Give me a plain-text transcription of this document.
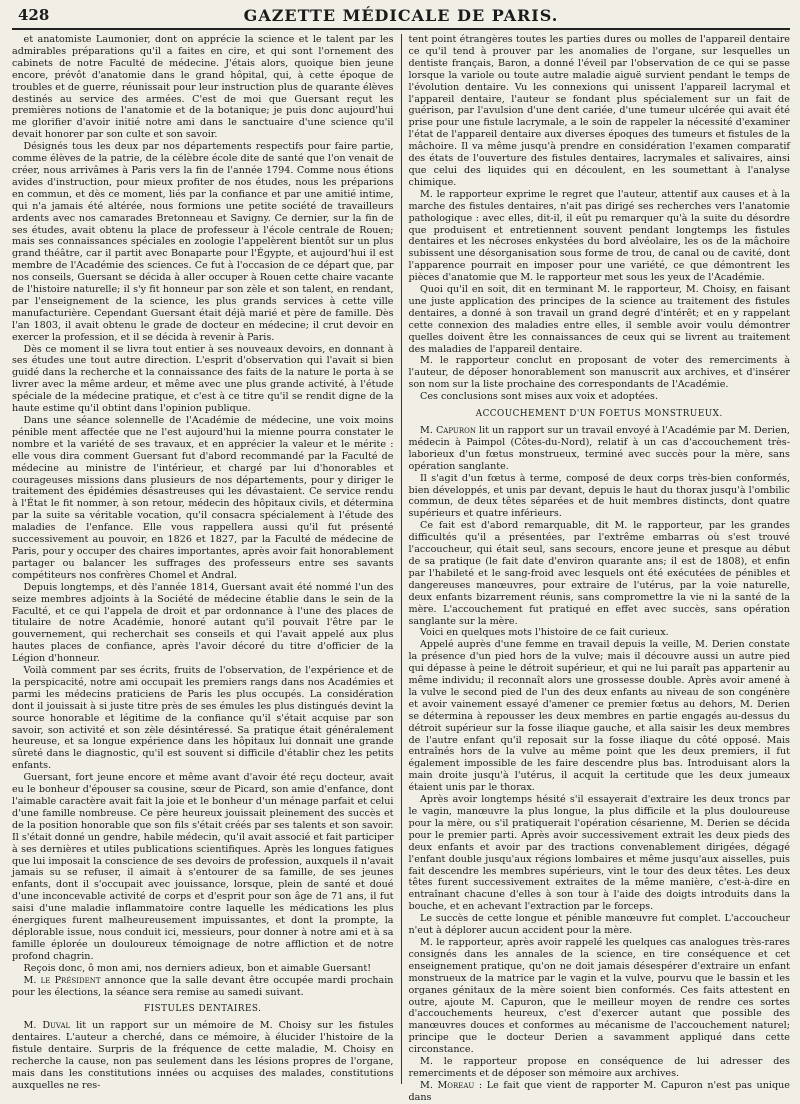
428	GAZETTE MÉDICALE DE PARIS.

et anatomiste Laumonier, dont on apprécie la science et le talent par les admirables préparations qu'il a faites en cire, et qui sont l'ornement des cabinets de notre Faculté de médecine. J'étais alors, quoique bien jeune encore, prévôt d'anatomie dans le grand hôpital, qui, à cette époque de troubles et de guerre, réunissait pour leur instruction plus de quarante élèves destinés au service des armées. C'est de moi que Guersant reçut les premières notions de l'anatomie et de la botanique; je puis donc aujourd'hui me glorifier d'avoir initié notre ami dans le sanctuaire d'une science qu'il devait honorer par son culte et son savoir.

Désignés tous les deux par nos départements respectifs pour faire partie, comme élèves de la patrie, de la célèbre école dite de santé que l'on venait de créer, nous arrivâmes à Paris vers la fin de l'année 1794. Comme nous étions avides d'instruction, pour mieux profiter de nos études, nous les préparions en commun, et dès ce moment, liés par la confiance et par une amitié intime, qui n'a jamais été altérée, nous formions une petite société de travailleurs ardents avec nos camarades Bretonneau et Savigny. Ce dernier, sur la fin de ses études, avait obtenu la place de professeur à l'école centrale de Rouen; mais ses connaissances spéciales en zoologie l'appelèrent bientôt sur un plus grand théâtre, car il partit avec Bonaparte pour l'Égypte, et aujourd'hui il est membre de l'Académie des sciences. Ce fut à l'occasion de ce départ que, par nos conseils, Guersant se décida à aller occuper à Rouen cette chaire vacante de l'histoire naturelle; il s'y fit honneur par son zèle et son talent, en rendant, par l'enseignement de la science, les plus grands services à cette ville manufacturière. Cependant Guersant était déjà marié et père de famille. Dès l'an 1803, il avait obtenu le grade de docteur en médecine; il crut devoir en exercer la profession, et il se décida à revenir à Paris.

Dès ce moment il se livra tout entier à ses nouveaux devoirs, en donnant à ses études une tout autre direction. L'esprit d'observation qui l'avait si bien guidé dans la recherche et la connaissance des faits de la nature le porta à se livrer avec la même ardeur, et même avec une plus grande activité, à l'étude spéciale de la médecine pratique, et c'est à ce titre qu'il se rendit digne de la haute estime qu'il obtint dans l'opinion publique.

Dans une séance solennelle de l'Académie de médecine, une voix moins pénible ment affectée que ne l'est aujourd'hui la mienne pourra constater le nombre et la variété de ses travaux, et en apprécier la valeur et le mérite : elle vous dira comment Guersant fut d'abord recommandé par la Faculté de médecine au ministre de l'intérieur, et chargé par lui d'honorables et courageuses missions dans plusieurs de nos départements, pour y diriger le traitement des épidémies désastreuses qui les dévastaient. Ce service rendu à l'État le fit nommer, à son retour, médecin des hôpitaux civils, et détermina par la suite sa véritable vocation, qu'il consacra spécialement à l'étude des maladies de l'enfance. Elle vous rappellera aussi qu'il fut présenté successivement au pouvoir, en 1826 et 1827, par la Faculté de médecine de Paris, pour y occuper des chaires importantes, après avoir fait honorablement partager ou balancer les suffrages des professeurs entre ses savants compétiteurs nos confrères Chomel et Andral.

Depuis longtemps, et dès l'année 1814, Guersant avait été nommé l'un des seize membres adjoints à la Société de médecine établie dans le sein de la Faculté, et ce qui l'appela de droit et par ordonnance à l'une des places de titulaire de notre Académie, honoré autant qu'il pouvait l'être par le gouvernement, qui recherchait ses conseils et qui l'avait appelé aux plus hautes places de confiance, après l'avoir décoré du titre d'officier de la Légion d'honneur.

Voilà comment par ses écrits, fruits de l'observation, de l'expérience et de la perspicacité, notre ami occupait les premiers rangs dans nos Académies et parmi les médecins praticiens de Paris les plus occupés. La considération dont il jouissait à si juste titre près de ses émules les plus distingués devint la source honorable et légitime de la confiance qu'il s'était acquise par son savoir, son activité et son zèle désintéressé. Sa pratique était généralement heureuse, et sa longue expérience dans les hôpitaux lui donnait une grande sûreté dans le diagnostic, qu'il est souvent si difficile d'établir chez les petits enfants.

Guersant, fort jeune encore et même avant d'avoir été reçu docteur, avait eu le bonheur d'épouser sa cousine, sœur de Picard, son amie d'enfance, dont l'aimable caractère avait fait la joie et le bonheur d'un ménage parfait et celui d'une famille nombreuse. Ce père heureux jouissait pleinement des succès et de la position honorable que son fils s'était créés par ses talents et son savoir. Il s'était donné un gendre, habile médecin, qu'il avait associé et fait participer à ses dernières et utiles publications scientifiques. Après les longues fatigues que lui imposait la conscience de ses devoirs de profession, auxquels il n'avait jamais su se refuser, il aimait à s'entourer de sa famille, de ses jeunes enfants, dont il s'occupait avec jouissance, lorsque, plein de santé et doué d'une inconcevable activité de corps et d'esprit pour son âge de 71 ans, il fut saisi d'une maladie inflammatoire contre laquelle les médications les plus énergiques furent malheureusement impuissantes, et dont la prompte, la déplorable issue, nous conduit ici, messieurs, pour donner à notre ami et à sa famille éplorée un douloureux témoignage de notre affliction et de notre profond chagrin.

Reçois donc, ô mon ami, nos derniers adieux, bon et aimable Guersant!

M. le Président annonce que la salle devant être occupée mardi prochain pour les élections, la séance sera remise au samedi suivant.

FISTULES DENTAIRES.

M. Duval lit un rapport sur un mémoire de M. Choisy sur les fistules dentaires. L'auteur a cherché, dans ce mémoire, à élucider l'histoire de la fistule dentaire. Surpris de la fréquence de cette maladie, M. Choisy en recherche la cause, non pas seulement dans les lésions propres de l'organe, mais dans les constitutions innées ou acquises des malades, constitutions auxquelles ne res-

tent point étrangères toutes les parties dures ou molles de l'appareil dentaire ce qu'il tend à prouver par les anomalies de l'organe, sur lesquelles un dentiste français, Baron, a donné l'éveil par l'observation de ce qui se passe lorsque la variole ou toute autre maladie aiguë survient pendant le temps de l'évolution dentaire. Vu les connexions qui unissent l'appareil lacrymal et l'appareil dentaire, l'auteur se fondant plus spécialement sur un fait de guérison, par l'avulsion d'une dent cariée, d'une tumeur ulcérée qui avait été prise pour une fistule lacrymale, a le soin de rappeler la nécessité d'examiner l'état de l'appareil dentaire aux diverses époques des tumeurs et fistules de la mâchoire. Il va même jusqu'à prendre en considération l'examen comparatif des états de l'ouverture des fistules dentaires, lacrymales et salivaires, ainsi que celui des liquides qui en découlent, en les soumettant à l'analyse chimique.

M. le rapporteur exprime le regret que l'auteur, attentif aux causes et à la marche des fistules dentaires, n'ait pas dirigé ses recherches vers l'anatomie pathologique : avec elles, dit-il, il eût pu remarquer qu'à la suite du désordre que produisent et entretiennent souvent pendant longtemps les fistules dentaires et les nécroses enkystées du bord alvéolaire, les os de la mâchoire subissent une désorganisation sous forme de trou, de canal ou de cavité, dont l'apparence pourrait en imposer pour une variété, ce que démontrent les pièces d'anatomie que M. le rapporteur met sous les yeux de l'Académie.

Quoi qu'il en soit, dit en terminant M. le rapporteur, M. Choisy, en faisant une juste application des principes de la science au traitement des fistules dentaires, a donné à son travail un grand degré d'intérêt; et en y rappelant cette connexion des maladies entre elles, il semble avoir voulu démontrer quelles doivent être les connaissances de ceux qui se livrent au traitement des maladies de l'appareil dentaire.

M. le rapporteur conclut en proposant de voter des remerciments à l'auteur, de déposer honorablement son manuscrit aux archives, et d'insérer son nom sur la liste prochaine des correspondants de l'Académie.

Ces conclusions sont mises aux voix et adoptées.

ACCOUCHEMENT D'UN FOETUS MONSTRUEUX.

M. Capuron lit un rapport sur un travail envoyé à l'Académie par M. Derien, médecin à Paimpol (Côtes-du-Nord), relatif à un cas d'accouchement très-laborieux d'un fœtus monstrueux, terminé avec succès pour la mère, sans opération sanglante.

Il s'agit d'un fœtus à terme, composé de deux corps très-bien conformés, bien développés, et unis par devant, depuis le haut du thorax jusqu'à l'ombilic commun, de deux têtes séparées et de huit membres distincts, dont quatre supérieurs et quatre inférieurs.

Ce fait est d'abord remarquable, dit M. le rapporteur, par les grandes difficultés qu'il a présentées, par l'extrême embarras où s'est trouvé l'accoucheur, qui était seul, sans secours, encore jeune et presque au début de sa pratique (le fait date d'environ quarante ans; il est de 1808), et enfin par l'habileté et le sang-froid avec lesquels ont été exécutées de pénibles et dangereuses manœuvres, pour extraire de l'utérus, par la voie naturelle, deux enfants bizarrement réunis, sans compromettre la vie ni la santé de la mère. L'accouchement fut pratiqué en effet avec succès, sans opération sanglante sur la mère.

Voici en quelques mots l'histoire de ce fait curieux.

Appelé auprès d'une femme en travail depuis la veille, M. Derien constate la présence d'un pied hors de la vulve; mais il découvre aussi un autre pied qui dépasse à peine le détroit supérieur, et qui ne lui paraît pas appartenir au même individu; il reconnaît alors une grossesse double. Après avoir amené à la vulve le second pied de l'un des deux enfants au niveau de son congénère et avoir vainement essayé d'amener ce premier fœtus au dehors, M. Derien se détermina à repousser les deux membres en partie engagés au-dessus du détroit supérieur sur la fosse iliaque gauche, et alla saisir les deux membres de l'autre enfant qu'il reposait sur la fosse iliaque du côté opposé. Mais entraînés hors de la vulve au même point que les deux premiers, il fut également impossible de les faire descendre plus bas. Introduisant alors la main droite jusqu'à l'utérus, il acquit la certitude que les deux jumeaux étaient unis par le thorax.

Après avoir longtemps hésité s'il essayerait d'extraire les deux troncs par le vagin, manœuvre la plus longue, la plus difficile et la plus douloureuse pour la mère, ou s'il pratiquerait l'opération césarienne, M. Derien se décida pour le premier parti. Après avoir successivement extrait les deux pieds des deux enfants et avoir par des tractions convenablement dirigées, dégagé l'enfant double jusqu'aux régions lombaires et même jusqu'aux aisselles, puis fait descendre les membres supérieurs, vint le tour des deux têtes. Les deux têtes furent successivement extraites de la même manière, c'est-à-dire en entraînant chacune d'elles à son tour à l'aide des doigts introduits dans la bouche, et en achevant l'extraction par le forceps.

Le succès de cette longue et pénible manœuvre fut complet. L'accoucheur n'eut à déplorer aucun accident pour la mère.

M. le rapporteur, après avoir rappelé les quelques cas analogues très-rares consignés dans les annales de la science, en tire conséquence et cet enseignement pratique, qu'on ne doit jamais désespérer d'extraire un enfant monstrueux de la matrice par le vagin et la vulve, pourvu que le bassin et les organes génitaux de la mère soient bien conformés. Ces faits attestent en outre, ajoute M. Capuron, que le meilleur moyen de rendre ces sortes d'accouchements heureux, c'est d'exercer autant que possible des manœuvres douces et conformes au mécanisme de l'accouchement naturel; principe que le docteur Derien a savamment appliqué dans cette circonstance.

M. le rapporteur propose en conséquence de lui adresser des remerciments et de déposer son mémoire aux archives.

M. Moreau : Le fait que vient de rapporter M. Capuron n'est pas unique dans
